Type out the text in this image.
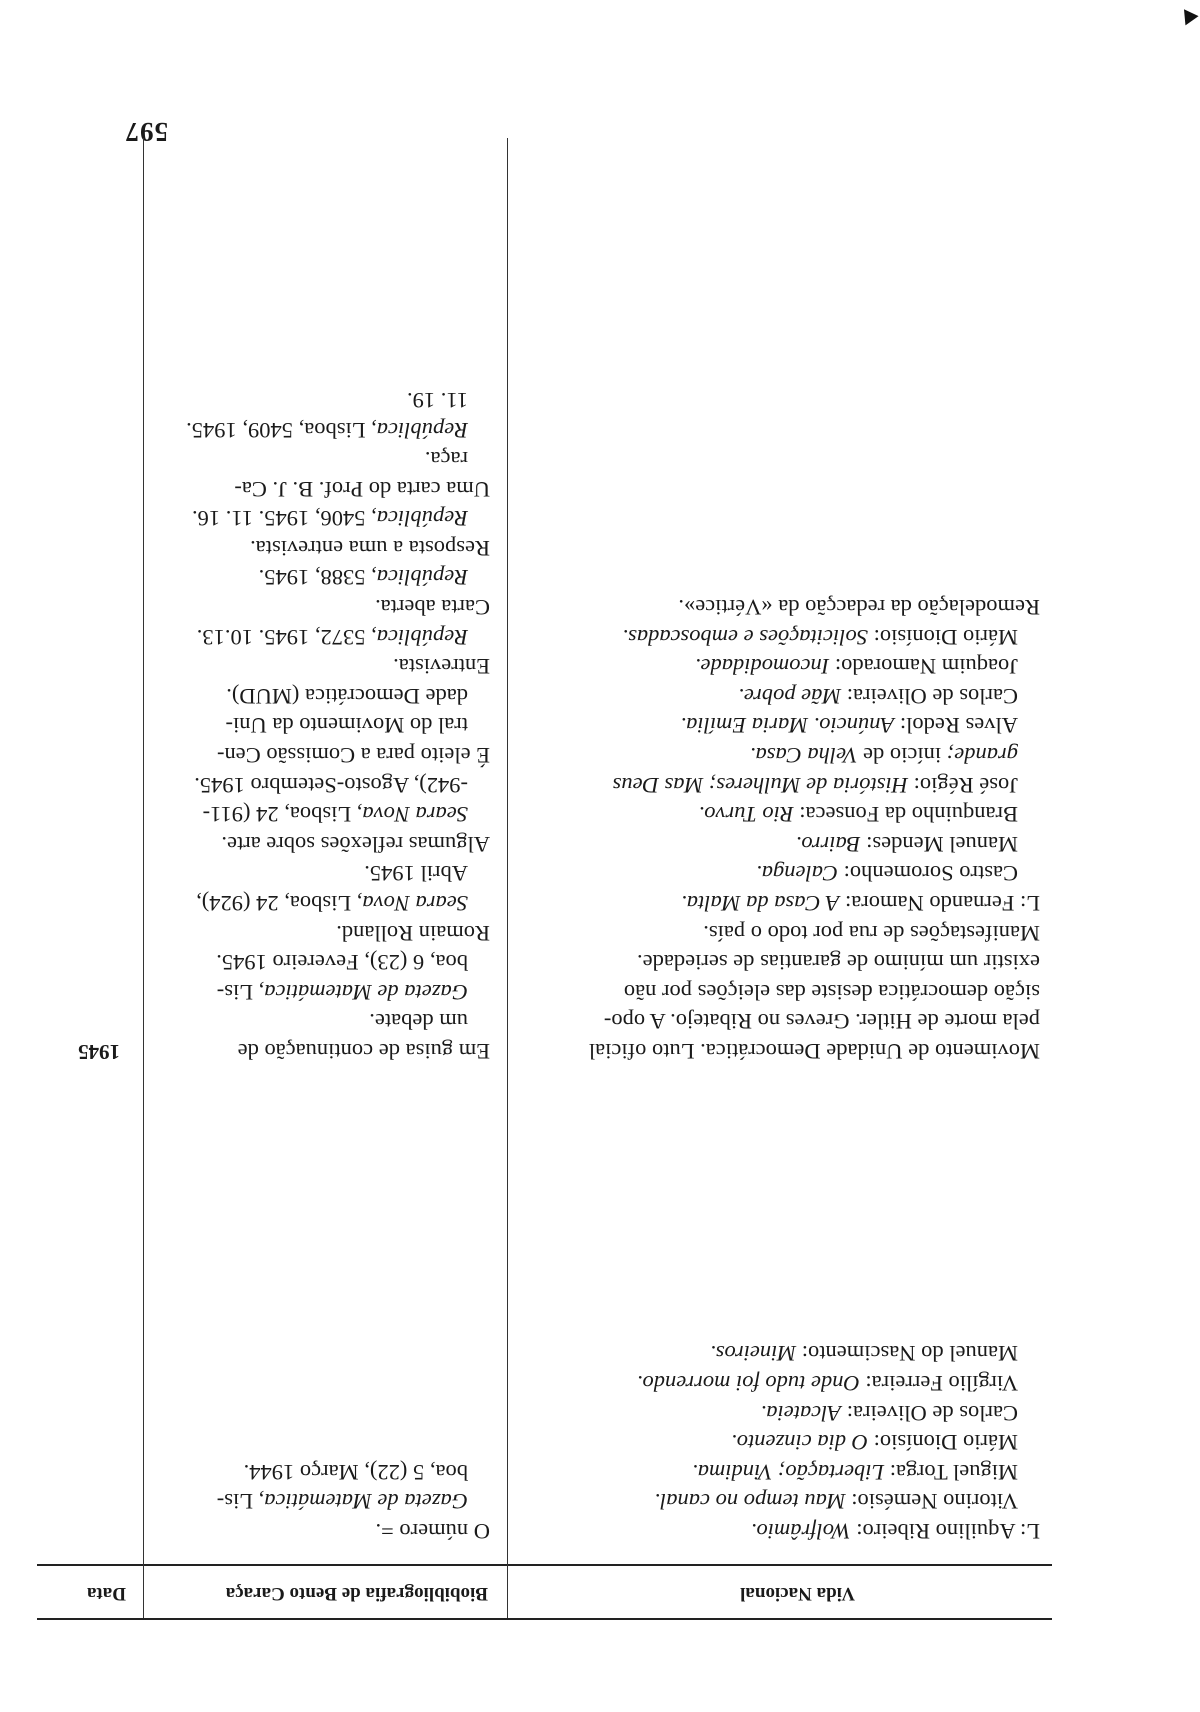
597
Vida Nacional
Biobibliografia de Bento Caraça
Data

O número =.

Gazeta de Matemática, Lis-

boa, 5 (22), Março 1944.

L: Aquilino Ribeiro: Wolfrâmio.

Vitorino Nemésio: Mau tempo no canal.

Miguel Torga: Libertação; Vindima.

Mário Dionísio: O dia cinzento.

Carlos de Oliveira: Alcateia.

Virgílio Ferreira: Onde tudo foi morrendo.

Manuel do Nascimento: Mineiros.

1945	Em guisa de continuação de

um debate.

Gazeta de Matemática, Lis-

boa, 6 (23), Fevereiro 1945.

Romain Rolland.

Seara Nova, Lisboa, 24 (924),

Abril 1945.

Algumas reflexões sobre arte.

Seara Nova, Lisboa, 24 (911-

-942), Agosto-Setembro 1945.

É eleito para a Comissão Cen-

tral do Movimento da Uni-

dade Democrática (MUD).

Entrevista.

República, 5372, 1945. 10.13.

Carta aberta.

República, 5388, 1945.

Resposta a uma entrevista.

República, 5406, 1945. 11. 16.

Uma carta do Prof. B. J. Ca-

raça.

República, Lisboa, 5409, 1945.

11. 19.

Movimento de Unidade Democrática. Luto oficial

pela morte de Hitler. Greves no Ribatejo. A opo-

sição democrática desiste das eleições por não

existir um mínimo de garantias de seriedade.

Manifestações de rua por todo o país.

L: Fernando Namora: A Casa da Malta.

Castro Soromenho: Calenga.

Manuel Mendes: Bairro.

Branquinho da Fonseca: Rio Turvo.

José Régio: História de Mulheres; Mas Deus

grande; início de Velha Casa.

Alves Redol: Anúncio. Maria Emília.

Carlos de Oliveira: Mãe pobre.

Joaquim Namorado: Incomodidade.

Mário Dionísio: Solicitações e emboscadas.

Remodelação da redacção da «Vértice».
